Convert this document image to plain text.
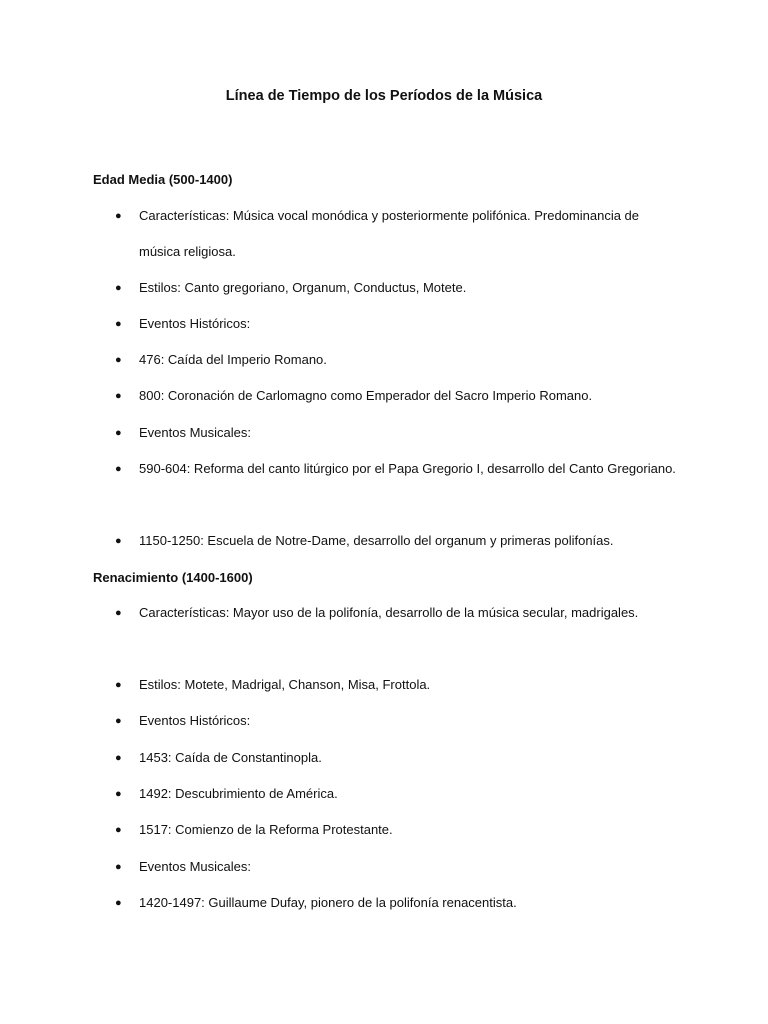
Línea de Tiempo de los Períodos de la Música
Edad Media (500-1400)
● Características: Música vocal monódica y posteriormente polifónica. Predominancia de música religiosa.
● Estilos: Canto gregoriano, Organum, Conductus, Motete.
● Eventos Históricos:
● 476: Caída del Imperio Romano.
● 800: Coronación de Carlomagno como Emperador del Sacro Imperio Romano.
● Eventos Musicales:
● 590-604: Reforma del canto litúrgico por el Papa Gregorio I, desarrollo del Canto Gregoriano.
● 1150-1250: Escuela de Notre-Dame, desarrollo del organum y primeras polifonías.
Renacimiento (1400-1600)
● Características: Mayor uso de la polifonía, desarrollo de la música secular, madrigales.
● Estilos: Motete, Madrigal, Chanson, Misa, Frottola.
● Eventos Históricos:
● 1453: Caída de Constantinopla.
● 1492: Descubrimiento de América.
● 1517: Comienzo de la Reforma Protestante.
● Eventos Musicales:
● 1420-1497: Guillaume Dufay, pionero de la polifonía renacentista.
